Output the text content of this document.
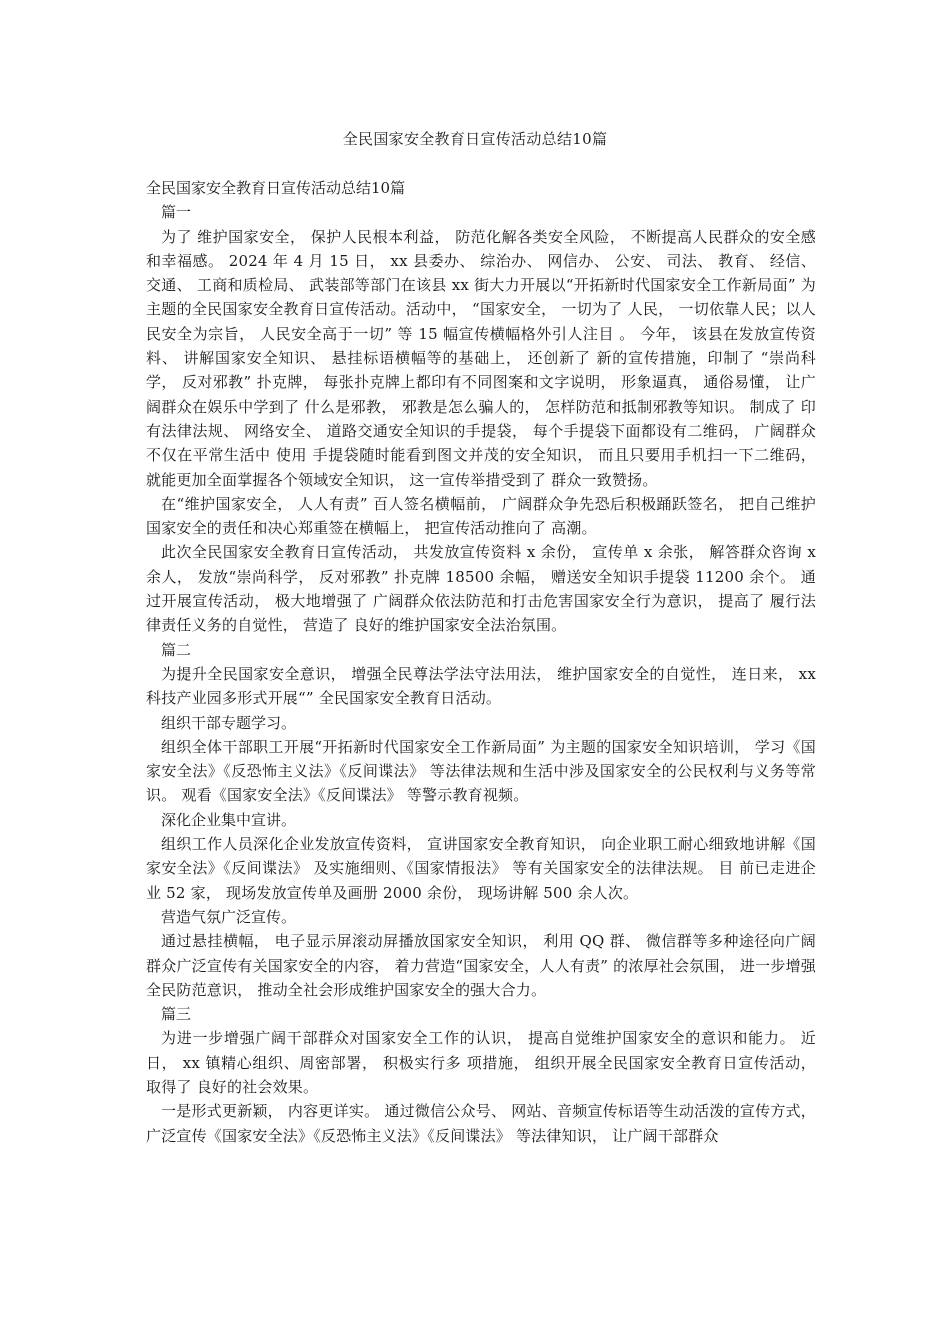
全民国家安全教育日宣传活动总结10篇

全民国家安全教育日宣传活动总结10篇

篇一

为了 维护国家安全， 保护人民根本利益， 防范化解各类安全风险， 不断提高人民群众的安全感和幸福感。 2024 年 4 月 15 日， xx 县委办、 综治办、 网信办、 公安、 司法、 教育、 经信、 交通、 工商和质检局、 武装部等部门在该县 xx 街大力开展以“开拓新时代国家安全工作新局面” 为主题的全民国家安全教育日宣传活动。活动中， “国家安全， 一切为了 人民， 一切依靠人民；以人民安全为宗旨， 人民安全高于一切” 等 15 幅宣传横幅格外引人注目 。 今年， 该县在发放宣传资料、 讲解国家安全知识、 悬挂标语横幅等的基础上， 还创新了 新的宣传措施，印制了 “崇尚科学， 反对邪教” 扑克牌， 每张扑克牌上都印有不同图案和文字说明， 形象逼真， 通俗易懂， 让广阔群众在娱乐中学到了 什么是邪教， 邪教是怎么骗人的， 怎样防范和抵制邪教等知识。 制成了 印有法律法规、 网络安全、 道路交通安全知识的手提袋， 每个手提袋下面都设有二维码， 广阔群众不仅在平常生活中 使用 手提袋随时能看到图文并茂的安全知识， 而且只要用手机扫一下二维码， 就能更加全面掌握各个领域安全知识， 这一宣传举措受到了 群众一致赞扬。

在“维护国家安全， 人人有责” 百人签名横幅前， 广阔群众争先恐后积极踊跃签名， 把自己维护国家安全的责任和决心郑重签在横幅上， 把宣传活动推向了 高潮。

此次全民国家安全教育日宣传活动， 共发放宣传资料 x 余份， 宣传单 x 余张， 解答群众咨询 x 余人， 发放“崇尚科学， 反对邪教” 扑克牌 18500 余幅， 赠送安全知识手提袋 11200 余个。 通过开展宣传活动， 极大地增强了 广阔群众依法防范和打击危害国家安全行为意识， 提高了 履行法律责任义务的自觉性， 营造了 良好的维护国家安全法治氛围。

篇二

为提升全民国家安全意识， 增强全民尊法学法守法用法， 维护国家安全的自觉性， 连日来， xx 科技产业园多形式开展“” 全民国家安全教育日活动。

组织干部专题学习。

组织全体干部职工开展“开拓新时代国家安全工作新局面” 为主题的国家安全知识培训， 学习《国家安全法》《反恐怖主义法》《反间谍法》 等法律法规和生活中涉及国家安全的公民权利与义务等常识。 观看《国家安全法》《反间谍法》 等警示教育视频。

深化企业集中宣讲。

组织工作人员深化企业发放宣传资料， 宣讲国家安全教育知识， 向企业职工耐心细致地讲解《国家安全法》《反间谍法》 及实施细则、《国家情报法》 等有关国家安全的法律法规。 目 前已走进企业 52 家， 现场发放宣传单及画册 2000 余份， 现场讲解 500 余人次。

营造气氛广泛宣传。

通过悬挂横幅， 电子显示屏滚动屏播放国家安全知识， 利用 QQ 群、 微信群等多种途径向广阔群众广泛宣传有关国家安全的内容， 着力营造“国家安全，人人有责” 的浓厚社会氛围， 进一步增强全民防范意识， 推动全社会形成维护国家安全的强大合力。

篇三

为进一步增强广阔干部群众对国家安全工作的认识， 提高自觉维护国家安全的意识和能力。 近日， xx 镇精心组织、周密部署， 积极实行多 项措施， 组织开展全民国家安全教育日宣传活动， 取得了 良好的社会效果。

一是形式更新颖， 内容更详实。 通过微信公众号、 网站、音频宣传标语等生动活泼的宣传方式， 广泛宣传《国家安全法》《反恐怖主义法》《反间谍法》 等法律知识， 让广阔干部群众
